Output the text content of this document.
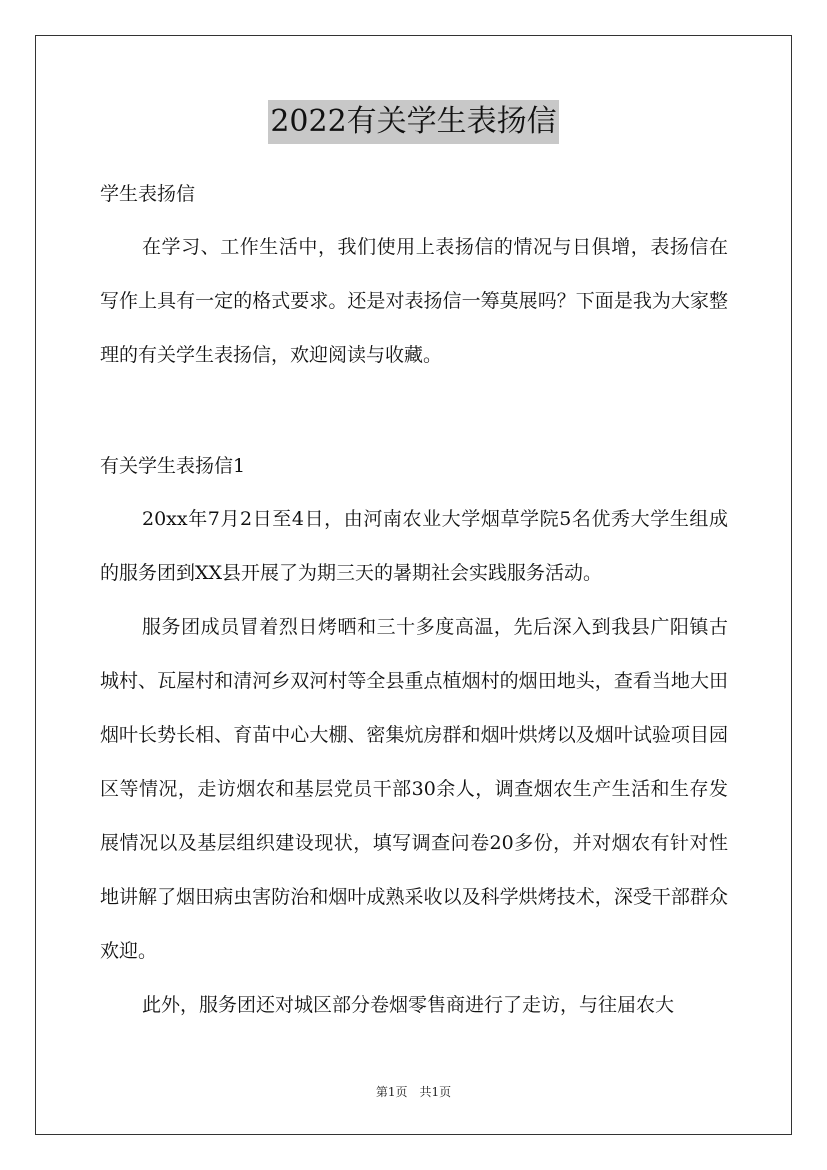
2022有关学生表扬信
学生表扬信

在学习、工作生活中，我们使用上表扬信的情况与日俱增，表扬信在写作上具有一定的格式要求。还是对表扬信一筹莫展吗？下面是我为大家整理的有关学生表扬信，欢迎阅读与收藏。

有关学生表扬信1

20xx年7月2日至4日，由河南农业大学烟草学院5名优秀大学生组成的服务团到XX县开展了为期三天的暑期社会实践服务活动。

服务团成员冒着烈日烤晒和三十多度高温，先后深入到我县广阳镇古城村、瓦屋村和清河乡双河村等全县重点植烟村的烟田地头，查看当地大田烟叶长势长相、育苗中心大棚、密集炕房群和烟叶烘烤以及烟叶试验项目园区等情况，走访烟农和基层党员干部30余人，调查烟农生产生活和生存发展情况以及基层组织建设现状，填写调查问卷20多份，并对烟农有针对性地讲解了烟田病虫害防治和烟叶成熟采收以及科学烘烤技术，深受干部群众欢迎。

此外，服务团还对城区部分卷烟零售商进行了走访，与往届农大

第1页　共1页
